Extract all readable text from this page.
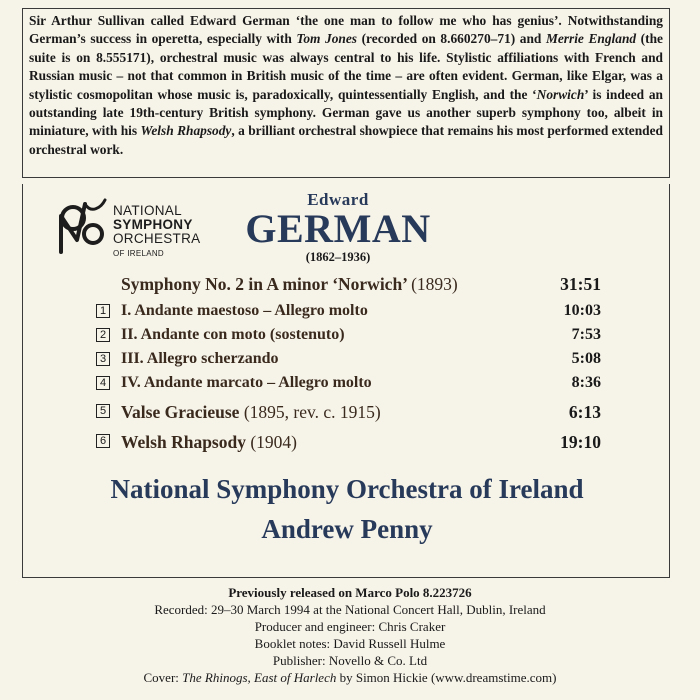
Sir Arthur Sullivan called Edward German ‘the one man to follow me who has genius’. Notwithstanding German’s success in operetta, especially with Tom Jones (recorded on 8.660270–71) and Merrie England (the suite is on 8.555171), orchestral music was always central to his life. Stylistic affiliations with French and Russian music – not that common in British music of the time – are often evident. German, like Elgar, was a stylistic cosmopolitan whose music is, paradoxically, quintessentially English, and the ‘Norwich’ is indeed an outstanding late 19th-century British symphony. German gave us another superb symphony too, albeit in miniature, with his Welsh Rhapsody, a brilliant orchestral showpiece that remains his most performed extended orchestral work.

NATIONAL
SYMPHONY
ORCHESTRA
OF IRELAND
Edward
GERMAN
(1862–1936)
Symphony No. 2 in A minor ‘Norwich’ (1893)	31:51
1 I. Andante maestoso – Allegro molto	10:03
2 II. Andante con moto (sostenuto)	7:53
3 III. Allegro scherzando	5:08
4 IV. Andante marcato – Allegro molto	8:36
5 Valse Gracieuse (1895, rev. c. 1915)	6:13
6 Welsh Rhapsody (1904)	19:10
National Symphony Orchestra of Ireland
Andrew Penny
Previously released on Marco Polo 8.223726
Recorded: 29–30 March 1994 at the National Concert Hall, Dublin, Ireland
Producer and engineer: Chris Craker
Booklet notes: David Russell Hulme
Publisher: Novello & Co. Ltd
Cover: The Rhinogs, East of Harlech by Simon Hickie (www.dreamstime.com)
